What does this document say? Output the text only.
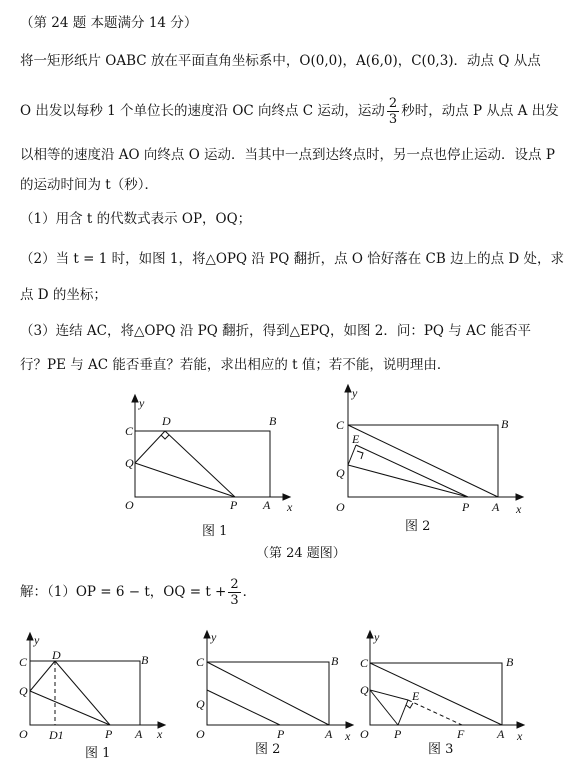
（第 24 题 本题满分 14 分）
将一矩形纸片 OABC 放在平面直角坐标系中，O(0,0)，A(6,0)，C(0,3)．动点 Q 从点
O 出发以每秒 1 个单位长的速度沿 OC 向终点 C 运动，运动 $\frac{2}{3}$ 秒时，动点 P 从点 A 出发
以相等的速度沿 AO 向终点 O 运动．当其中一点到达终点时，另一点也停止运动．设点 P
的运动时间为 t（秒）．
（1）用含 t 的代数式表示 OP，OQ；
（2）当 t = 1 时，如图 1，将△OPQ 沿 PQ 翻折，点 O 恰好落在 CB 边上的点 D 处，求
点 D 的坐标；
（3）连结 AC，将△OPQ 沿 PQ 翻折，得到△EPQ，如图 2．问：PQ 与 AC 能否平
行？PE 与 AC 能否垂直？若能，求出相应的 t 值；若不能，说明理由．
y
C
Q
O
D	B
P A x
图 1
y
C
E
Q
O
B
P A x
图 2
（第 24 题图）
解：（1）OP = 6 − t，OQ = $t + \frac{2}{3}$ ．
y
C D
Q
O
B
D1	P A x
图 1
y
C
Q
O
B
P	A x
图 2
y
C
Q	E
O
B
P	F	A x
图 3
